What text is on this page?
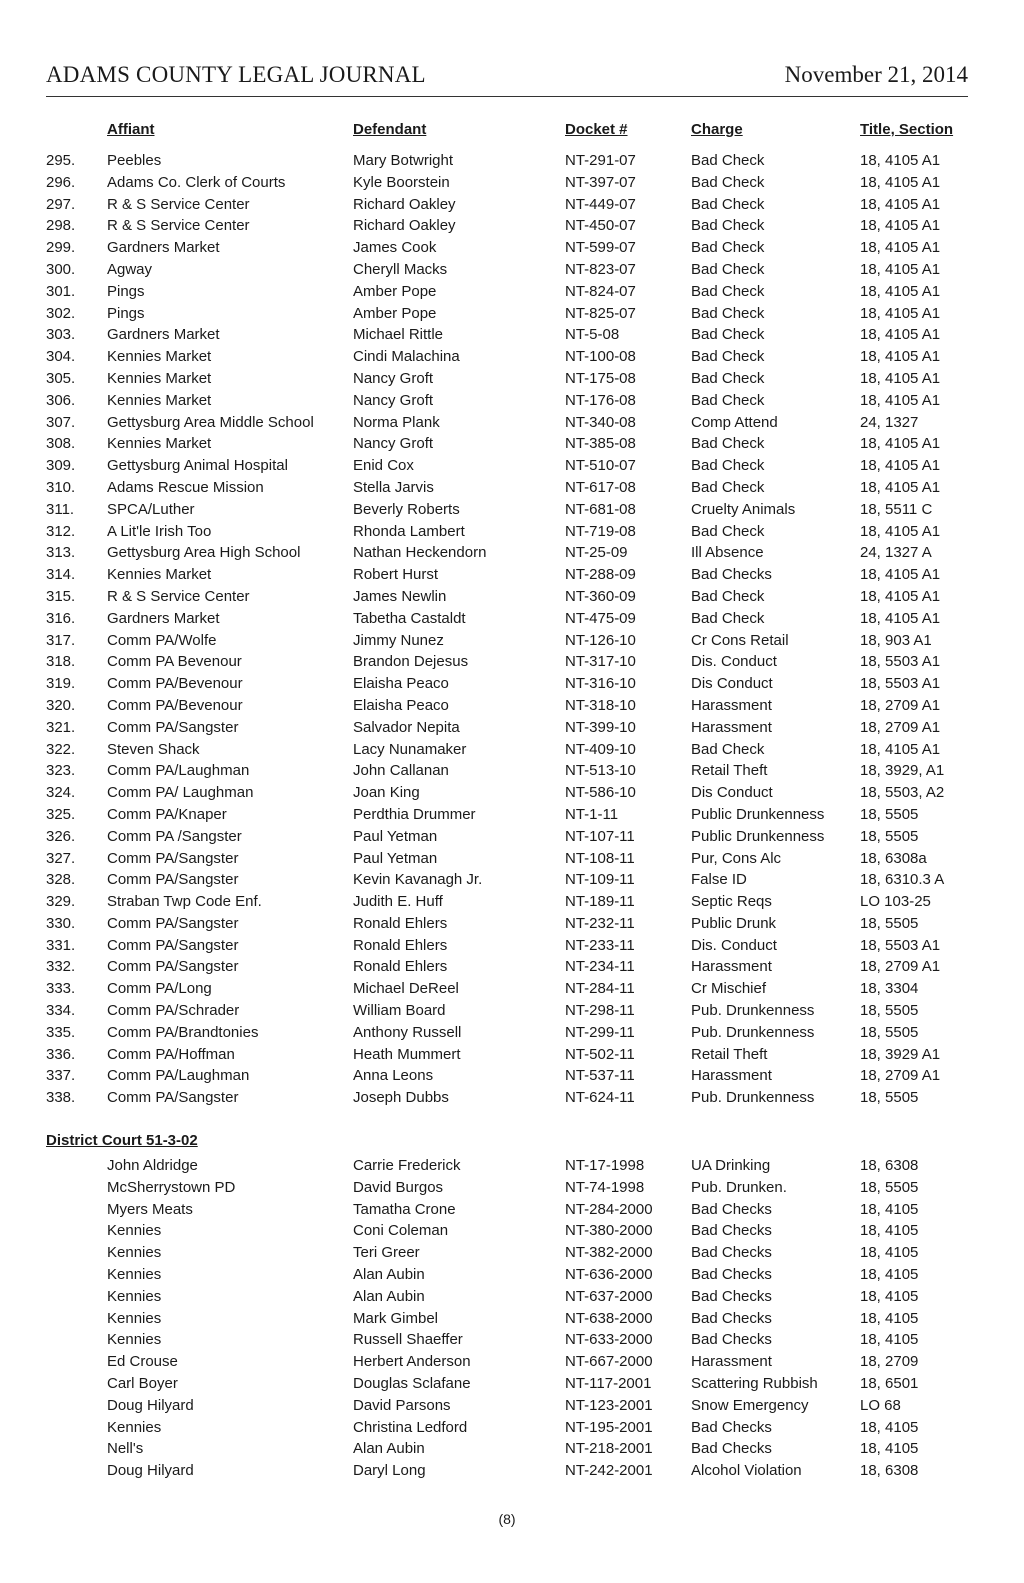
ADAMS COUNTY LEGAL JOURNAL	November 21, 2014
Affiant	Defendant	Docket #	Charge	Title, Section
295. Peebles	Mary Botwright	NT-291-07	Bad Check	18, 4105 A1
296. Adams Co. Clerk of Courts	Kyle Boorstein	NT-397-07	Bad Check	18, 4105 A1
297. R & S Service Center	Richard Oakley	NT-449-07	Bad Check	18, 4105 A1
298. R & S Service Center	Richard Oakley	NT-450-07	Bad Check	18, 4105 A1
299. Gardners Market	James Cook	NT-599-07	Bad Check	18, 4105 A1
300. Agway	Cheryll Macks	NT-823-07	Bad Check	18, 4105 A1
301. Pings	Amber Pope	NT-824-07	Bad Check	18, 4105 A1
302. Pings	Amber Pope	NT-825-07	Bad Check	18, 4105 A1
303. Gardners Market	Michael Rittle	NT-5-08	Bad Check	18, 4105 A1
304. Kennies Market	Cindi Malachina	NT-100-08	Bad Check	18, 4105 A1
305. Kennies Market	Nancy Groft	NT-175-08	Bad Check	18, 4105 A1
306. Kennies Market	Nancy Groft	NT-176-08	Bad Check	18, 4105 A1
307. Gettysburg Area Middle School	Norma Plank	NT-340-08	Comp Attend	24, 1327
308. Kennies Market	Nancy Groft	NT-385-08	Bad Check	18, 4105 A1
309. Gettysburg Animal Hospital	Enid Cox	NT-510-07	Bad Check	18, 4105 A1
310. Adams Rescue Mission	Stella Jarvis	NT-617-08	Bad Check	18, 4105 A1
311. SPCA/Luther	Beverly Roberts	NT-681-08	Cruelty Animals	18, 5511 C
312. A Lit'le Irish Too	Rhonda Lambert	NT-719-08	Bad Check	18, 4105 A1
313. Gettysburg Area High School	Nathan Heckendorn	NT-25-09	Ill Absence	24, 1327 A
314. Kennies Market	Robert Hurst	NT-288-09	Bad Checks	18, 4105 A1
315. R & S Service Center	James Newlin	NT-360-09	Bad Check	18, 4105 A1
316. Gardners Market	Tabetha Castaldt	NT-475-09	Bad Check	18, 4105 A1
317. Comm PA/Wolfe	Jimmy Nunez	NT-126-10	Cr Cons Retail	18, 903 A1
318. Comm PA Bevenour	Brandon Dejesus	NT-317-10	Dis. Conduct	18, 5503 A1
319. Comm PA/Bevenour	Elaisha Peaco	NT-316-10	Dis Conduct	18, 5503 A1
320. Comm PA/Bevenour	Elaisha Peaco	NT-318-10	Harassment	18, 2709 A1
321. Comm PA/Sangster	Salvador Nepita	NT-399-10	Harassment	18, 2709 A1
322. Steven Shack	Lacy Nunamaker	NT-409-10	Bad Check	18, 4105 A1
323. Comm PA/Laughman	John Callanan	NT-513-10	Retail Theft	18, 3929, A1
324. Comm PA/ Laughman	Joan King	NT-586-10	Dis Conduct	18, 5503, A2
325. Comm PA/Knaper	Perdthia Drummer	NT-1-11	Public Drunkenness 18, 5505
326. Comm PA /Sangster	Paul Yetman	NT-107-11	Public Drunkenness 18, 5505
327. Comm PA/Sangster	Paul Yetman	NT-108-11	Pur, Cons Alc	18, 6308a
328. Comm PA/Sangster	Kevin Kavanagh Jr.	NT-109-11	False ID	18, 6310.3 A
329. Straban Twp Code Enf.	Judith E. Huff	NT-189-11	Septic Reqs	LO 103-25
330. Comm PA/Sangster	Ronald Ehlers	NT-232-11	Public Drunk	18, 5505
331. Comm PA/Sangster	Ronald Ehlers	NT-233-11	Dis. Conduct	18, 5503 A1
332. Comm PA/Sangster	Ronald Ehlers	NT-234-11	Harassment	18, 2709 A1
333. Comm PA/Long	Michael DeReel	NT-284-11	Cr Mischief	18, 3304
334. Comm PA/Schrader	William Board	NT-298-11	Pub. Drunkenness	18, 5505
335. Comm PA/Brandtonies	Anthony Russell	NT-299-11	Pub. Drunkenness	18, 5505
336. Comm PA/Hoffman	Heath Mummert	NT-502-11	Retail Theft	18, 3929 A1
337. Comm PA/Laughman	Anna Leons	NT-537-11	Harassment	18, 2709 A1
338. Comm PA/Sangster	Joseph Dubbs	NT-624-11	Pub. Drunkenness	18, 5505
District Court 51-3-02
John Aldridge	Carrie Frederick	NT-17-1998	UA Drinking	18, 6308
McSherrystown PD	David Burgos	NT-74-1998	Pub. Drunken.	18, 5505
Myers Meats	Tamatha Crone	NT-284-2000	Bad Checks	18, 4105
Kennies	Coni Coleman	NT-380-2000	Bad Checks	18, 4105
Kennies	Teri Greer	NT-382-2000	Bad Checks	18, 4105
Kennies	Alan Aubin	NT-636-2000	Bad Checks	18, 4105
Kennies	Alan Aubin	NT-637-2000	Bad Checks	18, 4105
Kennies	Mark Gimbel	NT-638-2000	Bad Checks	18, 4105
Kennies	Russell Shaeffer	NT-633-2000	Bad Checks	18, 4105
Ed Crouse	Herbert Anderson	NT-667-2000	Harassment	18, 2709
Carl Boyer	Douglas Sclafane	NT-117-2001	Scattering Rubbish	18, 6501
Doug Hilyard	David Parsons	NT-123-2001	Snow Emergency	LO 68
Kennies	Christina Ledford	NT-195-2001	Bad Checks	18, 4105
Nell's	Alan Aubin	NT-218-2001	Bad Checks	18, 4105
Doug Hilyard	Daryl Long	NT-242-2001	Alcohol Violation	18, 6308
(8)
